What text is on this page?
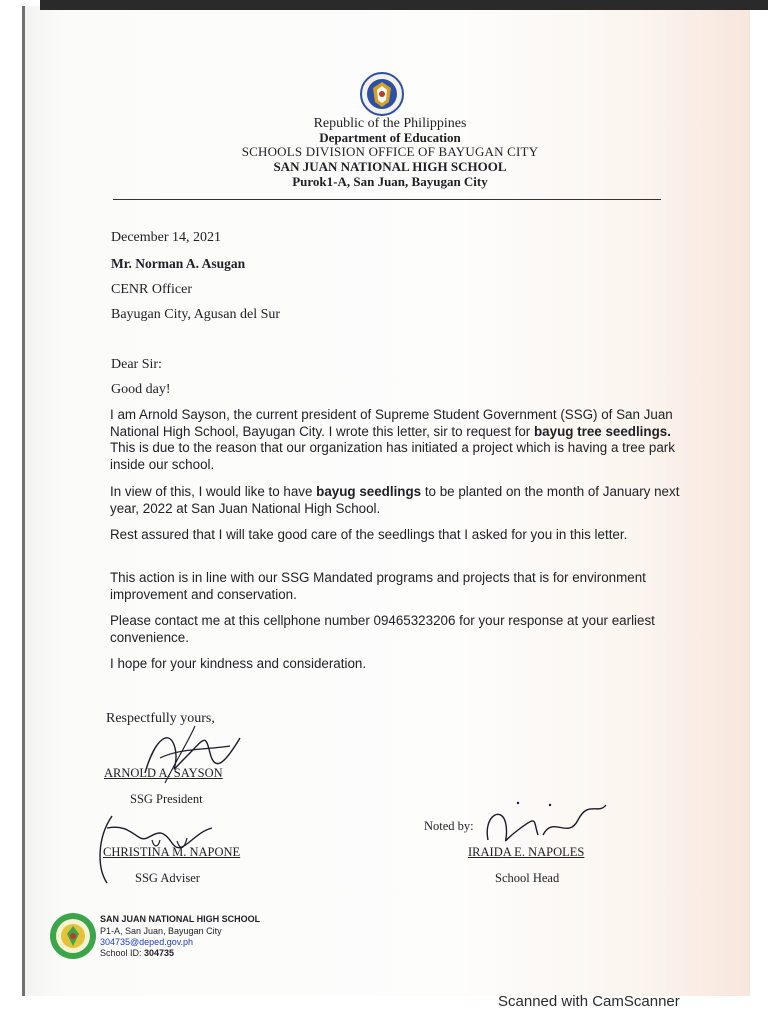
Republic of the Philippines
Department of Education
SCHOOLS DIVISION OFFICE OF BAYUGAN CITY
SAN JUAN NATIONAL HIGH SCHOOL
Purok1-A, San Juan, Bayugan City
December 14, 2021
Mr. Norman A. Asugan
CENR Officer
Bayugan City, Agusan del Sur
Dear Sir:
Good day!
I am Arnold Sayson, the current president of Supreme Student Government (SSG) of San Juan National High School, Bayugan City. I wrote this letter, sir to request for bayug tree seedlings. This is due to the reason that our organization has initiated a project which is having a tree park inside our school.
In view of this, I would like to have bayug seedlings to be planted on the month of January next year, 2022 at San Juan National High School.
Rest assured that I will take good care of the seedlings that I asked for you in this letter.
This action is in line with our SSG Mandated programs and projects that is for environment improvement and conservation.
Please contact me at this cellphone number 09465323206 for your response at your earliest convenience.
I hope for your kindness and consideration.
Respectfully yours,
ARNOLD A. SAYSON
SSG President
CHRISTINA M. NAPONE
SSG Adviser
Noted by:
IRAIDA E. NAPOLES
School Head
SAN JUAN NATIONAL HIGH SCHOOL
P1-A, San Juan, Bayugan City
304735@deped.gov.ph
School ID: 304735
Scanned with CamScanner
